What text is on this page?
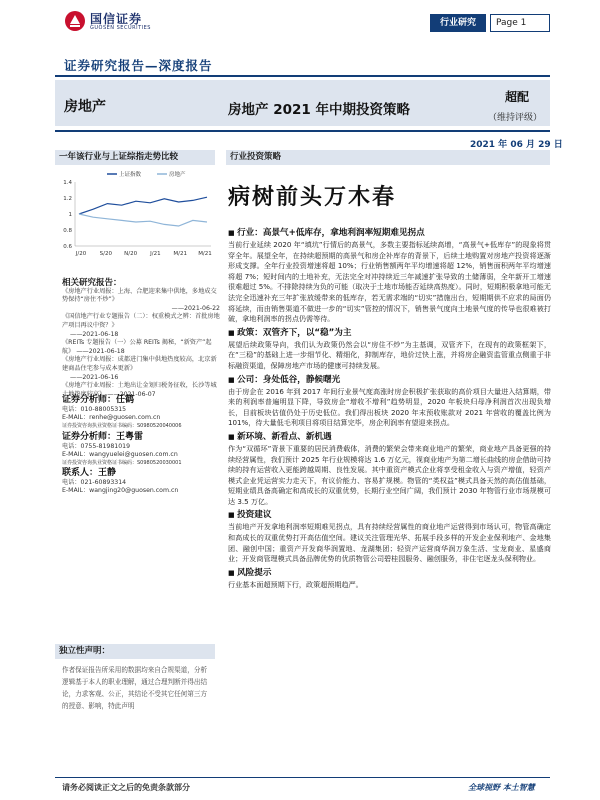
国信证券
GUOSEN SECURITIES	行业研究	Page 1
证券研究报告—深度报告
房地产	房地产 2021 年中期投资策略
超配
（维持评级）
2021 年 06 月 29 日
一年该行业与上证综指走势比较
1.4
1.2
1
0.8
0.6
J/20 S/20 N/20 J/21 M/21 M/21
上证指数	房地产
相关研究报告：

《房地产行业周报：上海、合肥迎来集中供地，多地成交势保持“房住不炒”》

——2021-06-22

《国信地产行业专题报告（二）：权重模式之辨：首批房地产项目再议中资？》

——2021-06-18

《REITs 专题报告（一）公募 REITs 揭秘，“新资产”起航》 ——2021-06-18

《房地产行业周报：成都进门集中供地热度较高，北京新建商品住宅参与成本更新》

——2021-06-16

《房地产行业周报：土地出让金划归税务征收，长沙等城土地热度较高》 ——2021-06-07

证券分析师：任鹤

电话：010-88005315

E-MAIL：renhe@guosen.com.cn

证券投资咨询执业资格证书编码：S0980520040006

证券分析师：王粤雷

电话：0755-81981019

E-MAIL：wangyuelei@guosen.com.cn

证券投资咨询执业资格证书编码：S0980520030001

联系人：王静

电话：021-60893314

E-MAIL：wangjing20@guosen.com.cn

独立性声明：
作者保证报告所采用的数据均来自合规渠道，分析逻辑基于本人的职业理解，通过合理判断并得出结论，力求客观、公正，其结论不受其它任何第三方的授意、影响，特此声明
行业投资策略
病树前头万木春
■ 行业：高景气+低库存，拿地利润率短期难见拐点

当前行业延续 2020 年“填坑”行情后的高景气，多数主要指标延续高增，“高景气+低库存”的现象将贯穿全年。展望全年，在持续超预期的高景气和房企补库存的背景下，后续土地购置对房地产投资将逐渐形成支撑。全年行业投资增速将超 10%；行业销售额两年平均增速将超 12%，销售面积两年平均增速将超 7%；短时间内的土地补充，无法完全对冲持续近三年减速扩张导致的土储薄弱，全年新开工增速很难超过 5%。不排除持续为负的可能（取决于土地市场能否延续高热度）。同时，短期积极拿地可能无法完全迅速补充三年扩张放缓带来的低库存，若无需求端的“切实”措施出台，短期期供不应求的局面仍将延续，而由销售渠道不做进一步的“切实”管控的情况下，销售景气度向土地景气度的传导也很难被打破，拿地利润率的拐点仍需等待。

■ 政策：双管齐下，以“稳”为主

展望后续政策导向，我们认为政策仍然会以“房住不炒”为主基调，双管齐下，在现有的政策框架下，在“三稳”的基础上进一步细节化、精细化，抑制库存，地价过快上涨，并将房企融资监管重点侧重于非标融资渠道，保障房地产市场的健康可持续发展。

■ 公司：身处低谷，静候曙光

由于房企在 2016 年到 2017 年间行业景气度高涨时房企积极扩张获取的高价项目大量进入结算期，带来的利润率普遍明显下降，导致房企“增收不增利”趋势明显，2020 年板块归母净利润首次出现负增长，目前板块估值仍处于历史低位。我们得出板块 2020 年末预收账款对 2021 年营收的覆盖比例为 101%，待大量低毛利项目将项目结算完毕，房企利润率有望迎来拐点。

■ 新环境、新看点、新机遇

作为“双循环”背景下重要的居民消费载体，消费的繁荣会带来商业地产的繁荣，商业地产具备更强的持续经营属性，我们预计 2025 年行业规模将达 1.6 万亿元，视商业地产为第二增长曲线的房企借助可持续的持有运营收入更能跨越周期、良性发展。其中重资产模式企业将享受租金收入与资产增值，轻资产模式企业凭运营实力走天下，有议价能力、容易扩规模。物管的“类权益”模式具备天然的高估值基础，短期业绩具备高确定和高成长的双重优势，长期行业空间广阔，我们预计 2030 年物管行业市场规模可达 3.5 万亿。

■ 投资建议

当前地产开发拿地利润率短期难见拐点，具有持续经营属性的商业地产运营得到市场认可，物管高确定和高成长的双重优势打开高估值空间。建议关注管理光华、拓展手段多样的开发企业保利地产、金地集团、融创中国；重资产开发商华润置地、龙湖集团；轻资产运营商华润万象生活、宝龙商业、星盛商业；开发商管理模式具备品牌优势的优质物管公司碧桂园服务、融创服务，非住宅逐龙头保利物业。

■ 风险提示

行业基本面超预期下行，政策超预期趋严。

请务必阅读正文之后的免责条款部分	全球视野 本土智慧
